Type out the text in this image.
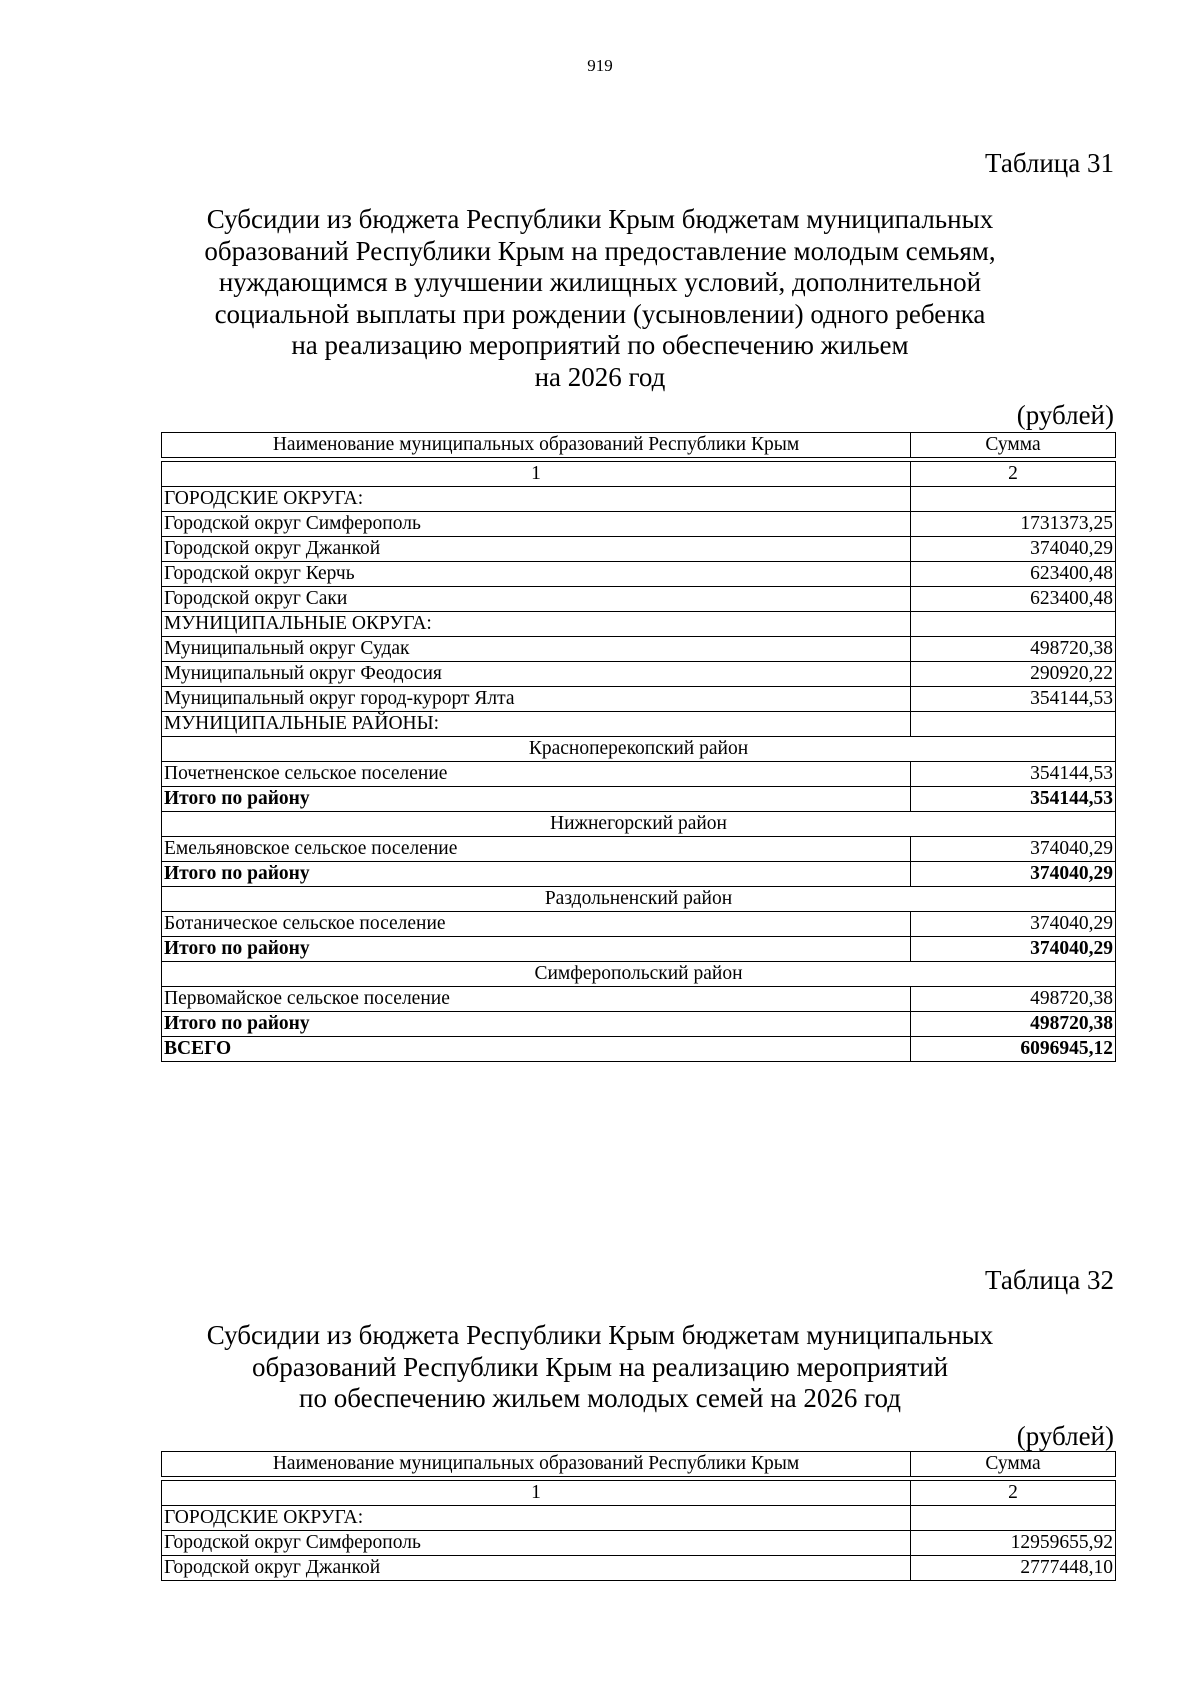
919
Таблица 31
Субсидии из бюджета Республики Крым бюджетам муниципальных
образований Республики Крым на предоставление молодым семьям,
нуждающимся в улучшении жилищных условий, дополнительной
социальной выплаты при рождении (усыновлении) одного ребенка
на реализацию мероприятий по обеспечению жильем
на 2026 год
(рублей)
Наименование муниципальных образований Республики Крым	Сумма

1	2
ГОРОДСКИЕ ОКРУГА:	
Городской округ Симферополь	1731373,25
Городской округ Джанкой	374040,29
Городской округ Керчь	623400,48
Городской округ Саки	623400,48
МУНИЦИПАЛЬНЫЕ ОКРУГА:	
Муниципальный округ Судак	498720,38
Муниципальный округ Феодосия	290920,22
Муниципальный округ город-курорт Ялта	354144,53
МУНИЦИПАЛЬНЫЕ РАЙОНЫ:	
Красноперекопский район	
Почетненское сельское поселение	354144,53
Итого по району	354144,53
Нижнегорский район	
Емельяновское сельское поселение	374040,29
Итого по району	374040,29
Раздольненский район	
Ботаническое сельское поселение	374040,29
Итого по району	374040,29
Симферопольский район	
Первомайское сельское поселение	498720,38
Итого по району	498720,38
ВСЕГО	6096945,12
Таблица 32
Субсидии из бюджета Республики Крым бюджетам муниципальных
образований Республики Крым на реализацию мероприятий
по обеспечению жильем молодых семей на 2026 год
(рублей)
Наименование муниципальных образований Республики Крым	Сумма

1	2
ГОРОДСКИЕ ОКРУГА:	
Городской округ Симферополь	12959655,92
Городской округ Джанкой	2777448,10
